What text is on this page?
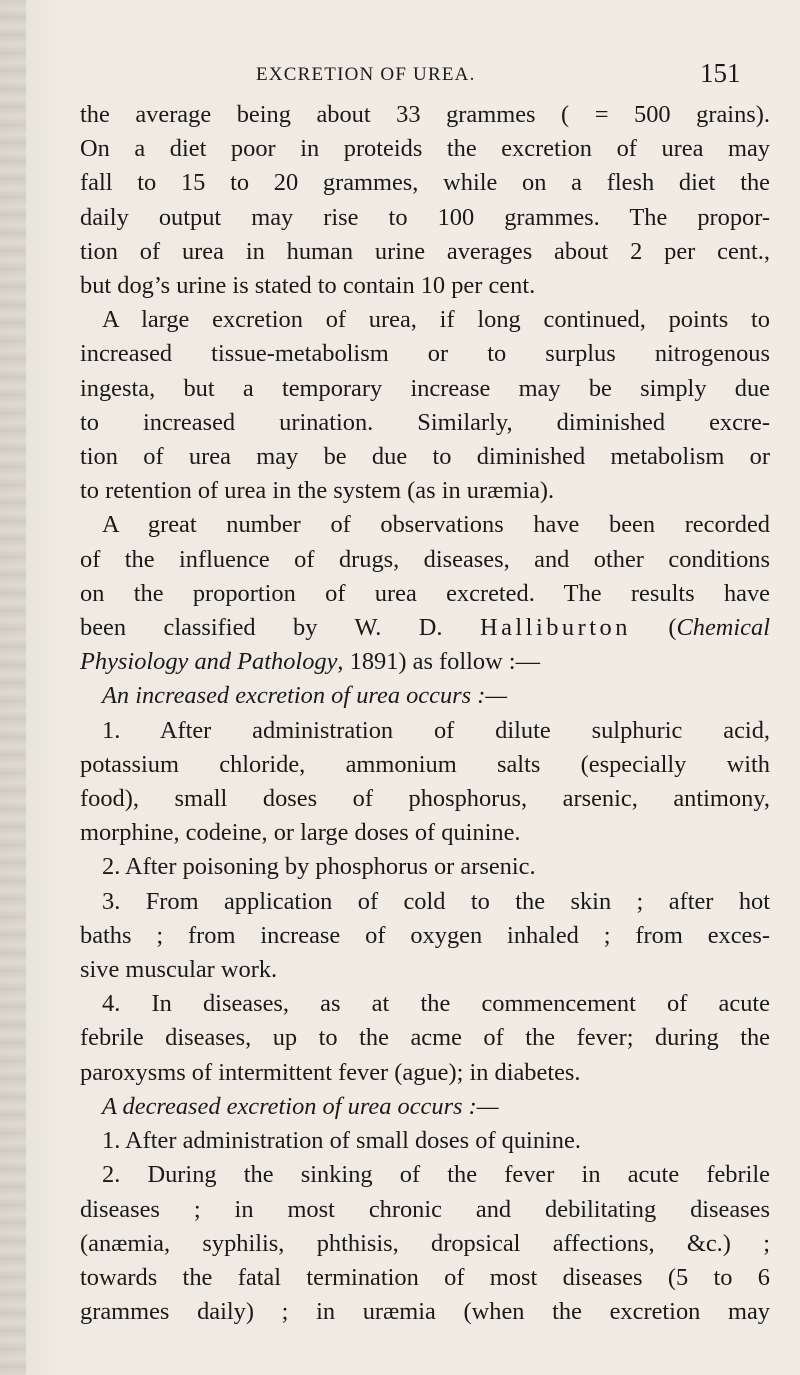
EXCRETION OF UREA.	151
the average being about 33 grammes ( = 500 grains).
On a diet poor in proteids the excretion of urea may
fall to 15 to 20 grammes, while on a flesh diet the
daily output may rise to 100 grammes. The propor-
tion of urea in human urine averages about 2 per cent.,
but dog’s urine is stated to contain 10 per cent.
A large excretion of urea, if long continued, points to
increased tissue-metabolism or to surplus nitrogenous
ingesta, but a temporary increase may be simply due
to increased urination. Similarly, diminished excre-
tion of urea may be due to diminished metabolism or
to retention of urea in the system (as in uræmia).
A great number of observations have been recorded
of the influence of drugs, diseases, and other conditions
on the proportion of urea excreted. The results have
been classified by W. D. Halliburton (Chemical
Physiology and Pathology, 1891) as follow :—
An increased excretion of urea occurs :—
1. After administration of dilute sulphuric acid,
potassium chloride, ammonium salts (especially with
food), small doses of phosphorus, arsenic, antimony,
morphine, codeine, or large doses of quinine.
2. After poisoning by phosphorus or arsenic.
3. From application of cold to the skin ; after hot
baths ; from increase of oxygen inhaled ; from exces-
sive muscular work.
4. In diseases, as at the commencement of acute
febrile diseases, up to the acme of the fever; during the
paroxysms of intermittent fever (ague); in diabetes.
A decreased excretion of urea occurs :—
1. After administration of small doses of quinine.
2. During the sinking of the fever in acute febrile
diseases ; in most chronic and debilitating diseases
(anæmia, syphilis, phthisis, dropsical affections, &c.) ;
towards the fatal termination of most diseases (5 to 6
grammes daily) ; in uræmia (when the excretion may
